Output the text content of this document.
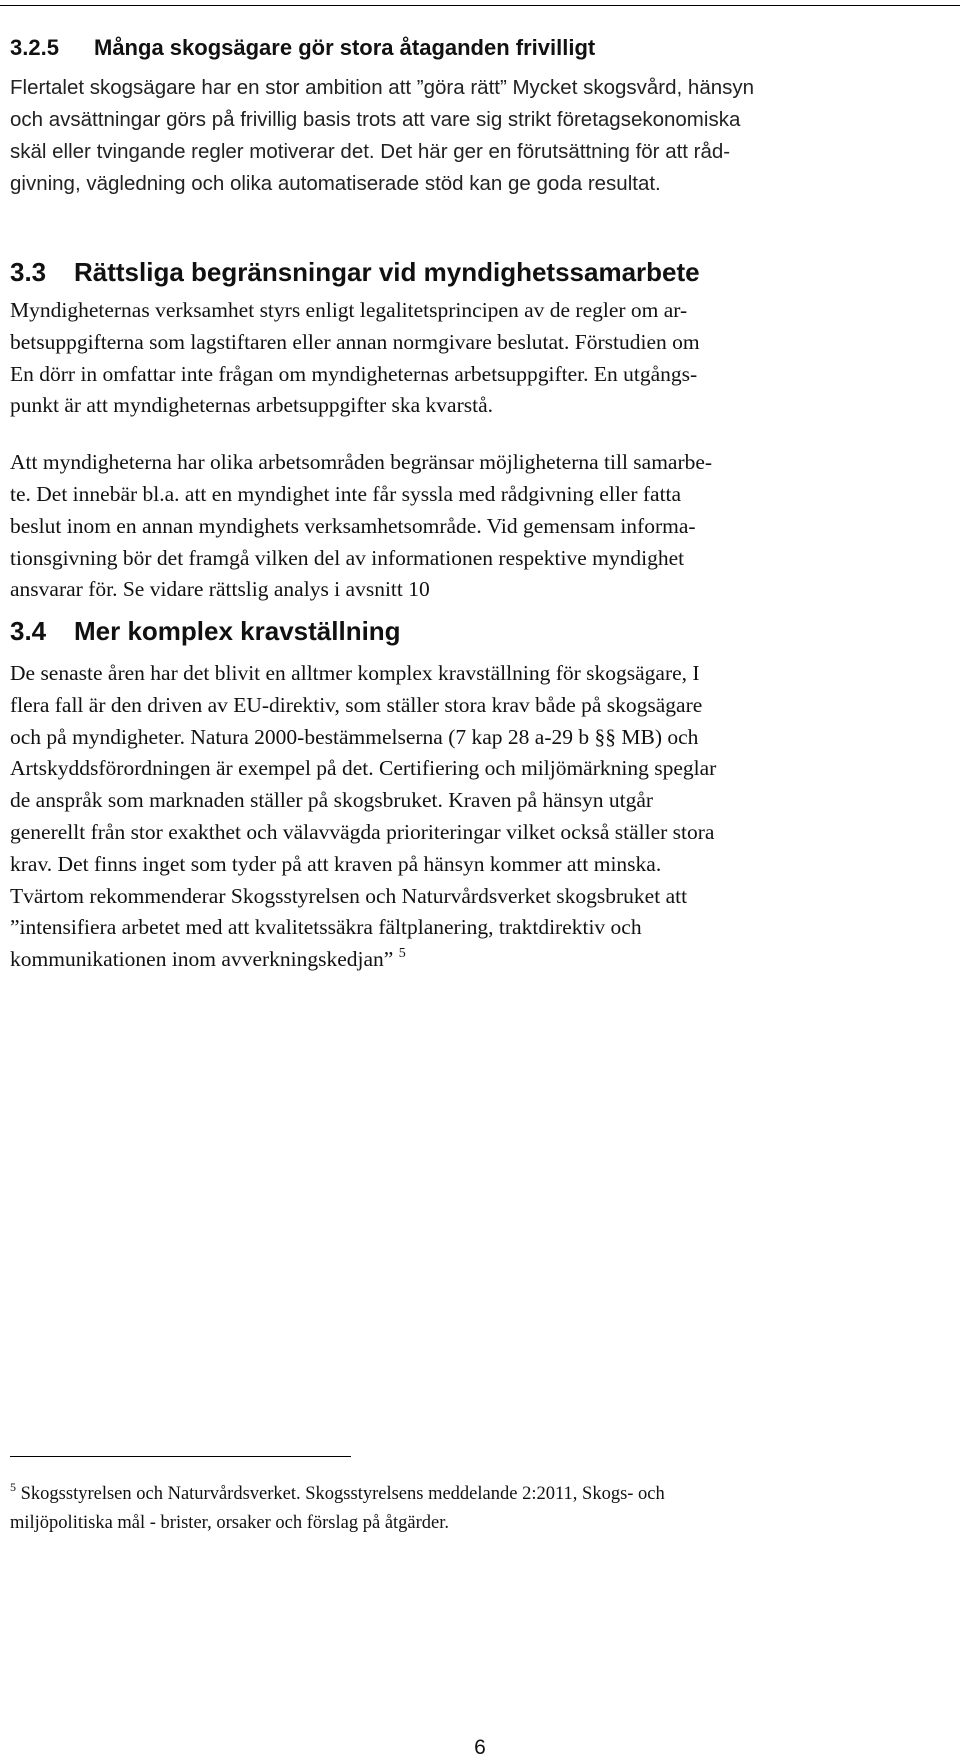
3.2.5 Många skogsägare gör stora åtaganden frivilligt
Flertalet skogsägare har en stor ambition att ”göra rätt” Mycket skogsvård, hänsyn
och avsättningar görs på frivillig basis trots att vare sig strikt företagsekonomiska
skäl eller tvingande regler motiverar det. Det här ger en förutsättning för att råd-
givning, vägledning och olika automatiserade stöd kan ge goda resultat.
3.3 Rättsliga begränsningar vid myndighetssamarbete
Myndigheternas verksamhet styrs enligt legalitetsprincipen av de regler om ar-
betsuppgifterna som lagstiftaren eller annan normgivare beslutat. Förstudien om
En dörr in omfattar inte frågan om myndigheternas arbetsuppgifter. En utgångs-
punkt är att myndigheternas arbetsuppgifter ska kvarstå.
Att myndigheterna har olika arbetsområden begränsar möjligheterna till samarbe-
te. Det innebär bl.a. att en myndighet inte får syssla med rådgivning eller fatta
beslut inom en annan myndighets verksamhetsområde. Vid gemensam informa-
tionsgivning bör det framgå vilken del av informationen respektive myndighet
ansvarar för. Se vidare rättslig analys i avsnitt 10
3.4 Mer komplex kravställning
De senaste åren har det blivit en alltmer komplex kravställning för skogsägare, I
flera fall är den driven av EU-direktiv, som ställer stora krav både på skogsägare
och på myndigheter. Natura 2000-bestämmelserna (7 kap 28 a-29 b §§ MB) och
Artskyddsförordningen är exempel på det. Certifiering och miljömärkning speglar
de anspråk som marknaden ställer på skogsbruket. Kraven på hänsyn utgår
generellt från stor exakthet och välavvägda prioriteringar vilket också ställer stora
krav. Det finns inget som tyder på att kraven på hänsyn kommer att minska.
Tvärtom rekommenderar Skogsstyrelsen och Naturvårdsverket skogsbruket att
”intensifiera arbetet med att kvalitetssäkra fältplanering, traktdirektiv och
kommunikationen inom avverkningskedjan” $^5$
$^5$ Skogsstyrelsen och Naturvårdsverket. Skogsstyrelsens meddelande 2:2011, Skogs- och
miljöpolitiska mål - brister, orsaker och förslag på åtgärder.
6
